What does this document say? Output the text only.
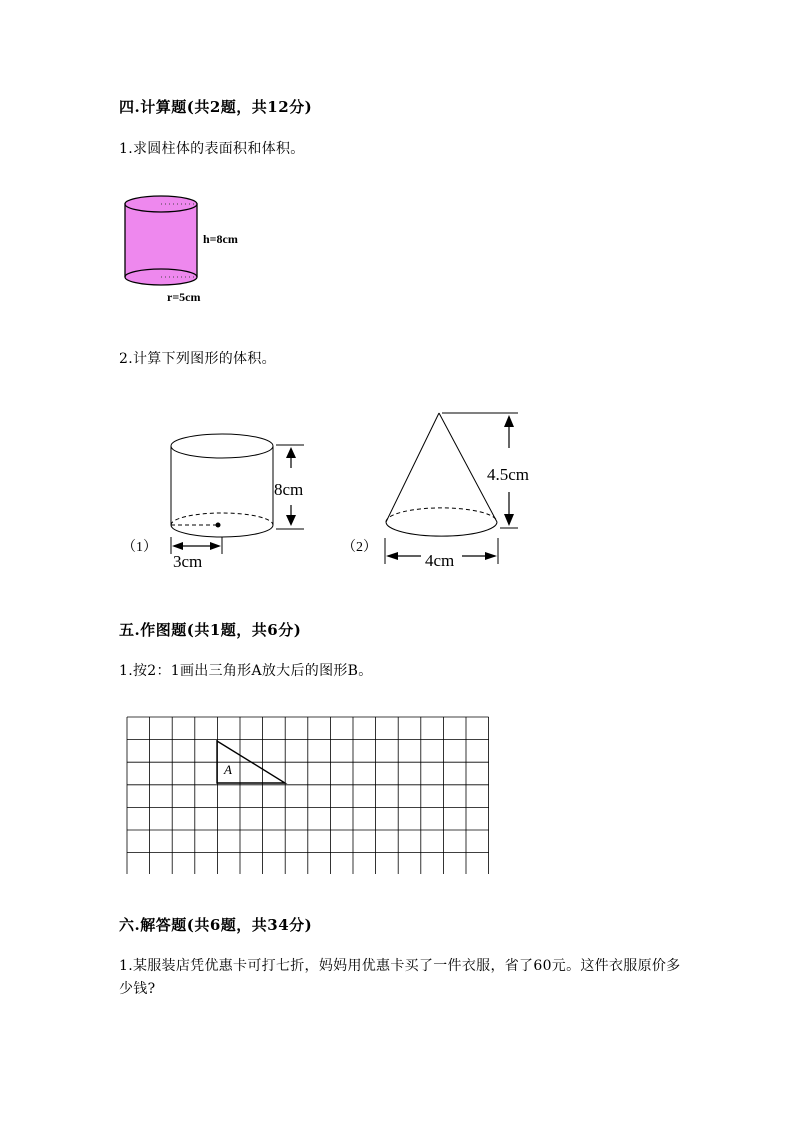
四.计算题(共2题，共12分)
1.求圆柱体的表面积和体积。
h=8cm
r=5cm
2.计算下列图形的体积。
（1）
8cm
3cm
（2）
4.5cm
4cm
五.作图题(共1题，共6分)
1.按2：1画出三角形A放大后的图形B。
A
六.解答题(共6题，共34分)
1.某服装店凭优惠卡可打七折，妈妈用优惠卡买了一件衣服，省了60元。这件衣服原价多少钱?
